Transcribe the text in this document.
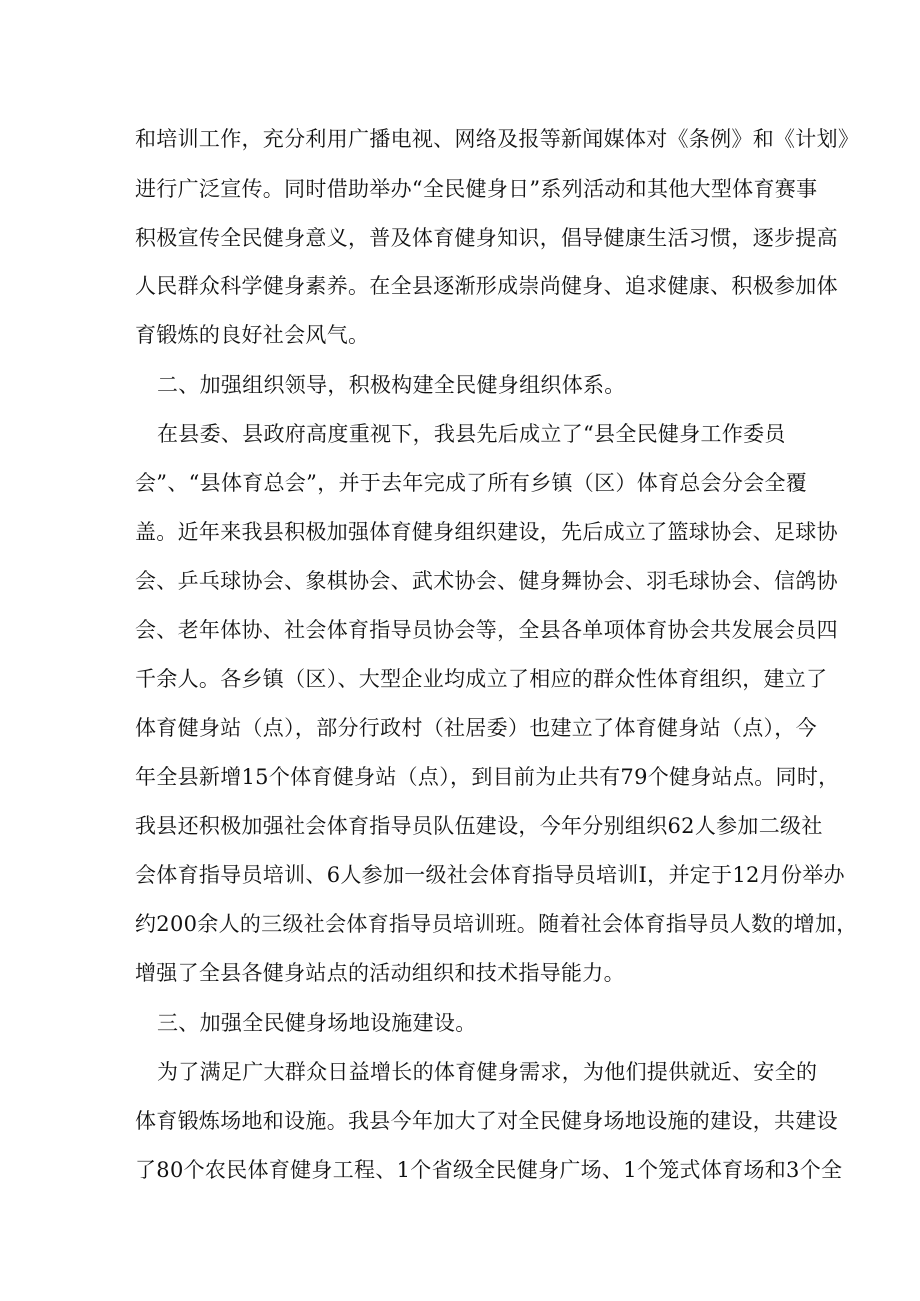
和培训工作，充分利用广播电视、网络及报等新闻媒体对《条例》和《计划》
进行广泛宣传。同时借助举办“全民健身日”系列活动和其他大型体育赛事
积极宣传全民健身意义，普及体育健身知识，倡导健康生活习惯，逐步提高
人民群众科学健身素养。在全县逐渐形成崇尚健身、追求健康、积极参加体
育锻炼的良好社会风气。
二、加强组织领导，积极构建全民健身组织体系。
在县委、县政府高度重视下，我县先后成立了“县全民健身工作委员
会”、“县体育总会”，并于去年完成了所有乡镇（区）体育总会分会全覆
盖。近年来我县积极加强体育健身组织建设，先后成立了篮球协会、足球协
会、乒乓球协会、象棋协会、武术协会、健身舞协会、羽毛球协会、信鸽协
会、老年体协、社会体育指导员协会等，全县各单项体育协会共发展会员四
千余人。各乡镇（区）、大型企业均成立了相应的群众性体育组织，建立了
体育健身站（点），部分行政村（社居委）也建立了体育健身站（点），今
年全县新增15个体育健身站（点），到目前为止共有79个健身站点。同时，
我县还积极加强社会体育指导员队伍建设，今年分别组织62人参加二级社
会体育指导员培训、6人参加一级社会体育指导员培训I，并定于12月份举办
约200余人的三级社会体育指导员培训班。随着社会体育指导员人数的增加，
增强了全县各健身站点的活动组织和技术指导能力。
三、加强全民健身场地设施建设。
为了满足广大群众日益增长的体育健身需求，为他们提供就近、安全的
体育锻炼场地和设施。我县今年加大了对全民健身场地设施的建设，共建设
了80个农民体育健身工程、1个省级全民健身广场、1个笼式体育场和3个全
